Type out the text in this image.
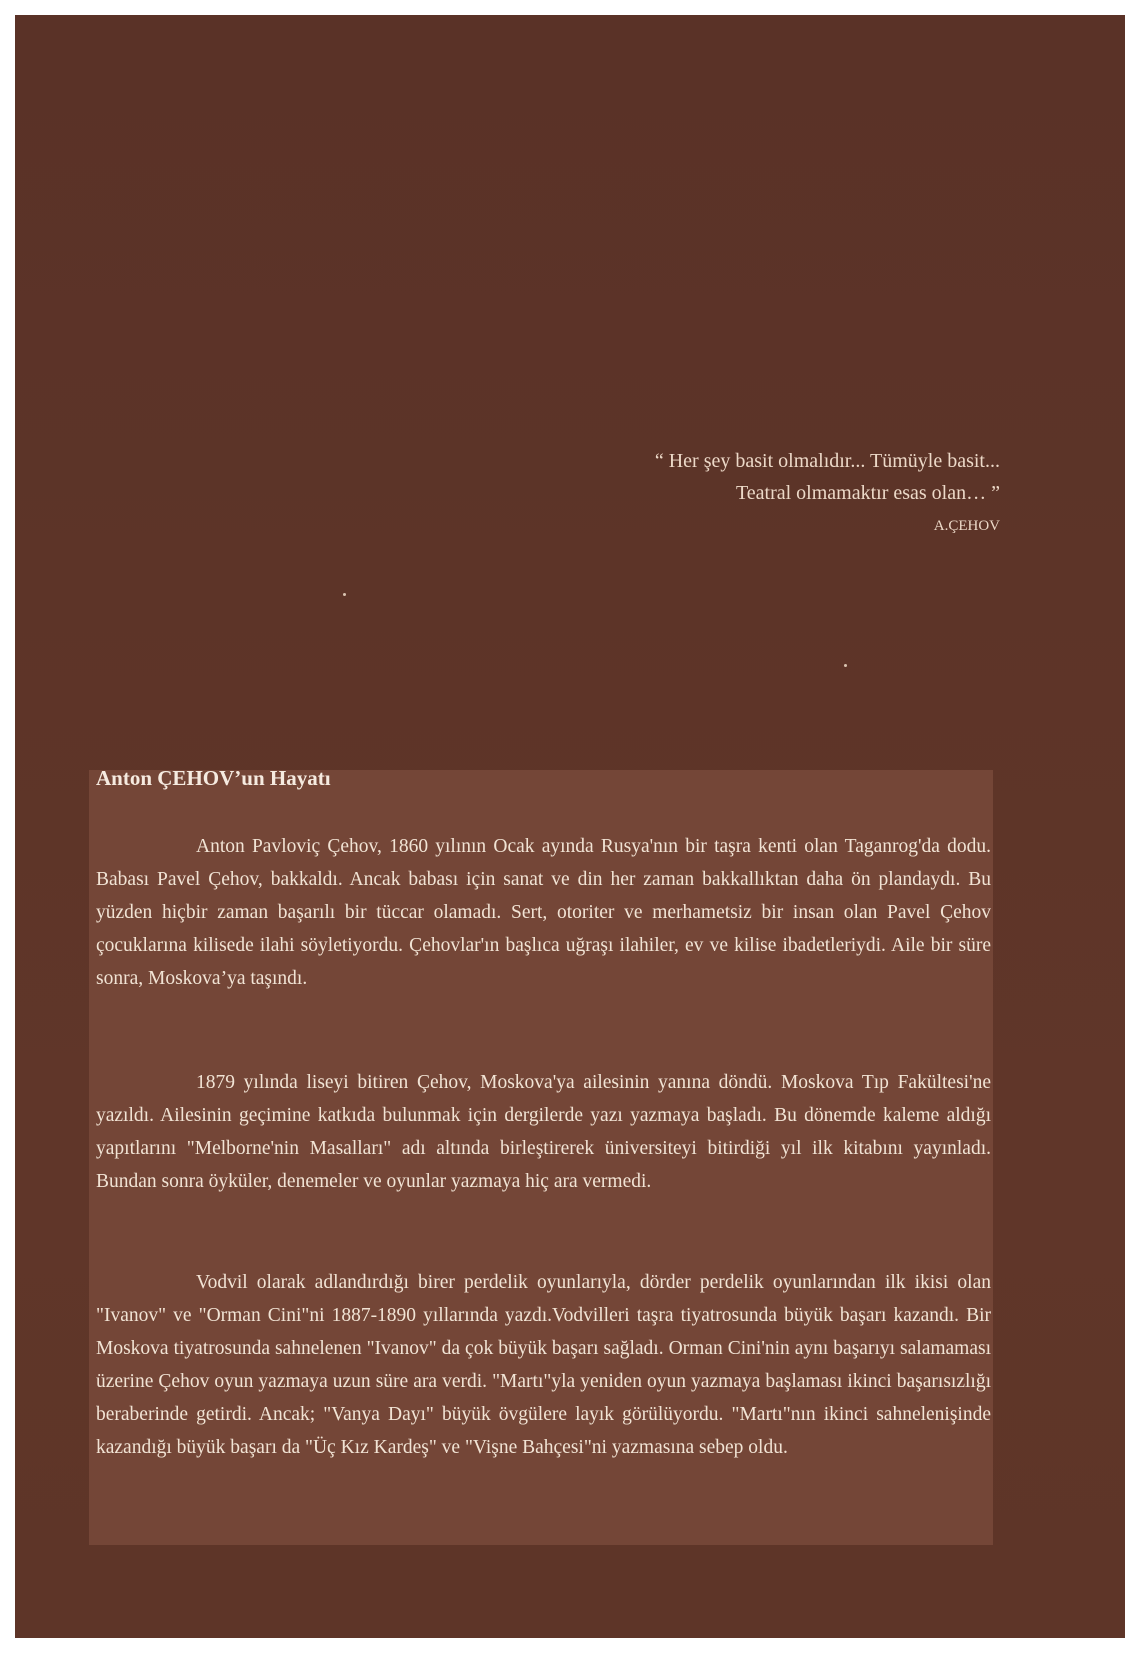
“ Her şey basit olmalıdır... Tümüyle basit...
Teatral olmamaktır esas olan… ”
A.ÇEHOV
Anton ÇEHOV’un Hayatı

Anton Pavloviç Çehov, 1860 yılının Ocak ayında Rusya'nın bir taşra kenti olan Taganrog'da dodu. Babası Pavel Çehov, bakkaldı. Ancak babası için sanat ve din her zaman bakkallıktan daha ön plandaydı. Bu yüzden hiçbir zaman başarılı bir tüccar olamadı. Sert, otoriter ve merhametsiz bir insan olan Pavel Çehov çocuklarına kilisede ilahi söyletiyordu. Çehovlar'ın başlıca uğraşı ilahiler, ev ve kilise ibadetleriydi. Aile bir süre sonra, Moskova’ya taşındı.

1879 yılında liseyi bitiren Çehov, Moskova'ya ailesinin yanına döndü. Moskova Tıp Fakültesi'ne yazıldı. Ailesinin geçimine katkıda bulunmak için dergilerde yazı yazmaya başladı. Bu dönemde kaleme aldığı yapıtlarını "Melborne'nin Masalları" adı altında birleştirerek üniversiteyi bitirdiği yıl ilk kitabını yayınladı. Bundan sonra öyküler, denemeler ve oyunlar yazmaya hiç ara vermedi.

Vodvil olarak adlandırdığı birer perdelik oyunlarıyla, dörder perdelik oyunlarından ilk ikisi olan "Ivanov" ve "Orman Cini"ni 1887-1890 yıllarında yazdı.Vodvilleri taşra tiyatrosunda büyük başarı kazandı. Bir Moskova tiyatrosunda sahnelenen "Ivanov" da çok büyük başarı sağladı. Orman Cini'nin aynı başarıyı salamaması üzerine Çehov oyun yazmaya uzun süre ara verdi. "Martı"yla yeniden oyun yazmaya başlaması ikinci başarısızlığı beraberinde getirdi. Ancak; "Vanya Dayı" büyük övgülere layık görülüyordu. "Martı"nın ikinci sahnelenişinde kazandığı büyük başarı da "Üç Kız Kardeş" ve "Vişne Bahçesi"ni yazmasına sebep oldu.
